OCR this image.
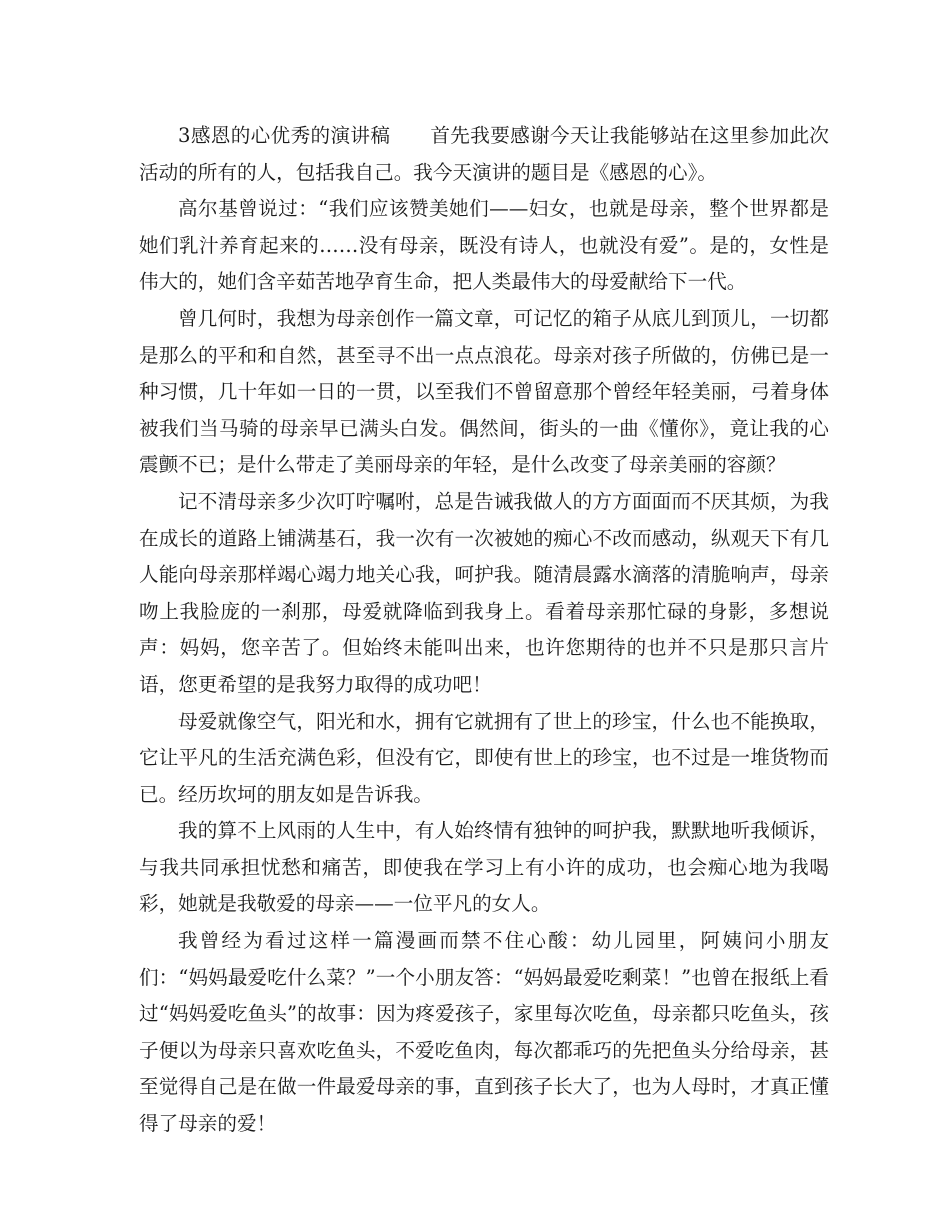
3感恩的心优秀的演讲稿 首先我要感谢今天让我能够站在这里参加此次活动的所有的人，包括我自己。我今天演讲的题目是《感恩的心》。

高尔基曾说过：“我们应该赞美她们——妇女，也就是母亲，整个世界都是她们乳汁养育起来的……没有母亲，既没有诗人，也就没有爱”。是的，女性是伟大的，她们含辛茹苦地孕育生命，把人类最伟大的母爱献给下一代。

曾几何时，我想为母亲创作一篇文章，可记忆的箱子从底儿到顶儿，一切都是那么的平和和自然，甚至寻不出一点点浪花。母亲对孩子所做的，仿佛已是一种习惯，几十年如一日的一贯，以至我们不曾留意那个曾经年轻美丽，弓着身体被我们当马骑的母亲早已满头白发。偶然间，街头的一曲《懂你》，竟让我的心震颤不已；是什么带走了美丽母亲的年轻，是什么改变了母亲美丽的容颜？

记不清母亲多少次叮咛嘱咐，总是告诫我做人的方方面面而不厌其烦，为我在成长的道路上铺满基石，我一次有一次被她的痴心不改而感动，纵观天下有几人能向母亲那样竭心竭力地关心我，呵护我。随清晨露水滴落的清脆响声，母亲吻上我脸庞的一刹那，母爱就降临到我身上。看着母亲那忙碌的身影，多想说声：妈妈，您辛苦了。但始终未能叫出来，也许您期待的也并不只是那只言片语，您更希望的是我努力取得的成功吧！

母爱就像空气，阳光和水，拥有它就拥有了世上的珍宝，什么也不能换取，它让平凡的生活充满色彩，但没有它，即使有世上的珍宝，也不过是一堆货物而已。经历坎坷的朋友如是告诉我。

我的算不上风雨的人生中，有人始终情有独钟的呵护我，默默地听我倾诉，与我共同承担忧愁和痛苦，即使我在学习上有小许的成功，也会痴心地为我喝彩，她就是我敬爱的母亲——一位平凡的女人。

我曾经为看过这样一篇漫画而禁不住心酸：幼儿园里，阿姨问小朋友们：“妈妈最爱吃什么菜？”一个小朋友答：“妈妈最爱吃剩菜！”也曾在报纸上看过“妈妈爱吃鱼头”的故事：因为疼爱孩子，家里每次吃鱼，母亲都只吃鱼头，孩子便以为母亲只喜欢吃鱼头，不爱吃鱼肉，每次都乖巧的先把鱼头分给母亲，甚至觉得自己是在做一件最爱母亲的事，直到孩子长大了，也为人母时，才真正懂得了母亲的爱！
